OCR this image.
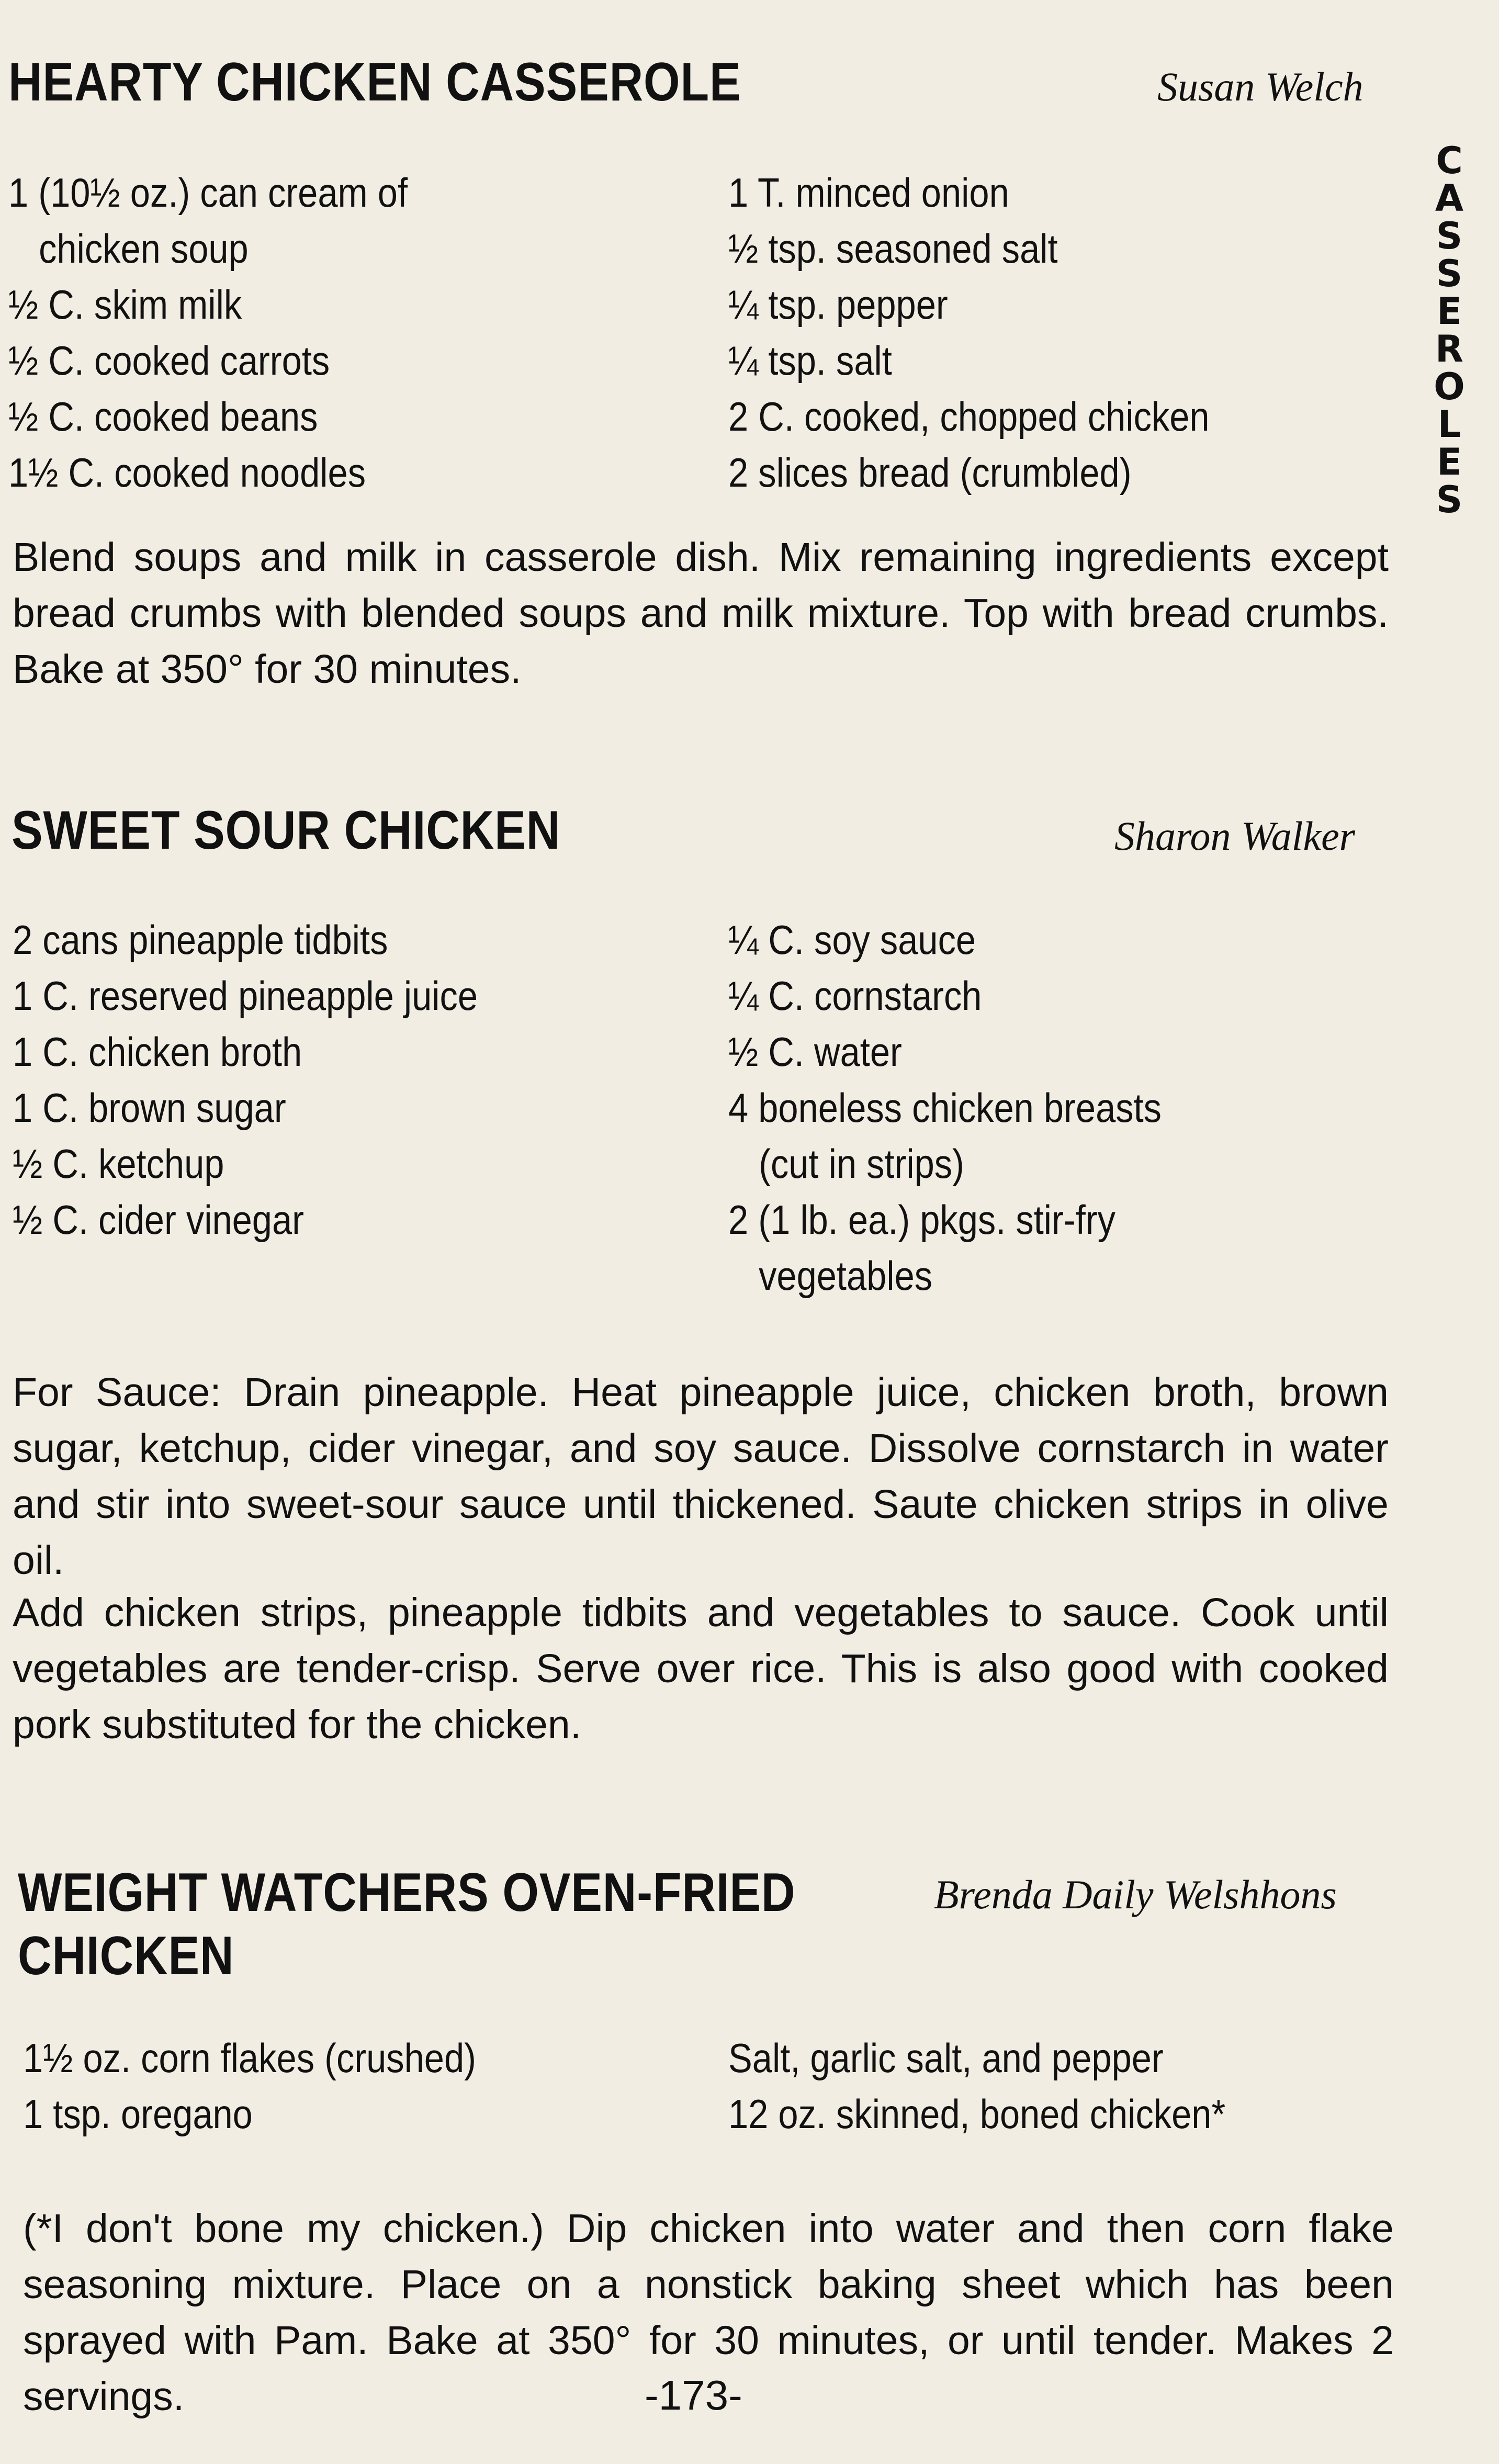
C
A
S
S
E
R
O
L
E
S
HEARTY CHICKEN CASSEROLE	Susan Welch
1 (10½ oz.) can cream of
chicken soup
½ C. skim milk
½ C. cooked carrots
½ C. cooked beans
1½ C. cooked noodles
1 T. minced onion
½ tsp. seasoned salt
¼ tsp. pepper
¼ tsp. salt
2 C. cooked, chopped chicken
2 slices bread (crumbled)

Blend soups and milk in casserole dish. Mix remaining ingredients except bread crumbs with blended soups and milk mixture. Top with bread crumbs. Bake at 350° for 30 minutes.

SWEET SOUR CHICKEN	Sharon Walker
2 cans pineapple tidbits
1 C. reserved pineapple juice
1 C. chicken broth
1 C. brown sugar
½ C. ketchup
½ C. cider vinegar
¼ C. soy sauce
¼ C. cornstarch
½ C. water
4 boneless chicken breasts
(cut in strips)
2 (1 lb. ea.) pkgs. stir-fry
vegetables

For Sauce: Drain pineapple. Heat pineapple juice, chicken broth, brown sugar, ketchup, cider vinegar, and soy sauce. Dissolve cornstarch in water and stir into sweet-sour sauce until thickened. Saute chicken strips in olive oil.

Add chicken strips, pineapple tidbits and vegetables to sauce. Cook until vegetables are tender-crisp. Serve over rice. This is also good with cooked pork substituted for the chicken.

WEIGHT WATCHERS OVEN-FRIED
CHICKEN
Brenda Daily Welshhons
1½ oz. corn flakes (crushed)
1 tsp. oregano
Salt, garlic salt, and pepper
12 oz. skinned, boned chicken*

(*I don't bone my chicken.) Dip chicken into water and then corn flake seasoning mixture. Place on a nonstick baking sheet which has been sprayed with Pam. Bake at 350° for 30 minutes, or until tender. Makes 2 servings.	-173-
